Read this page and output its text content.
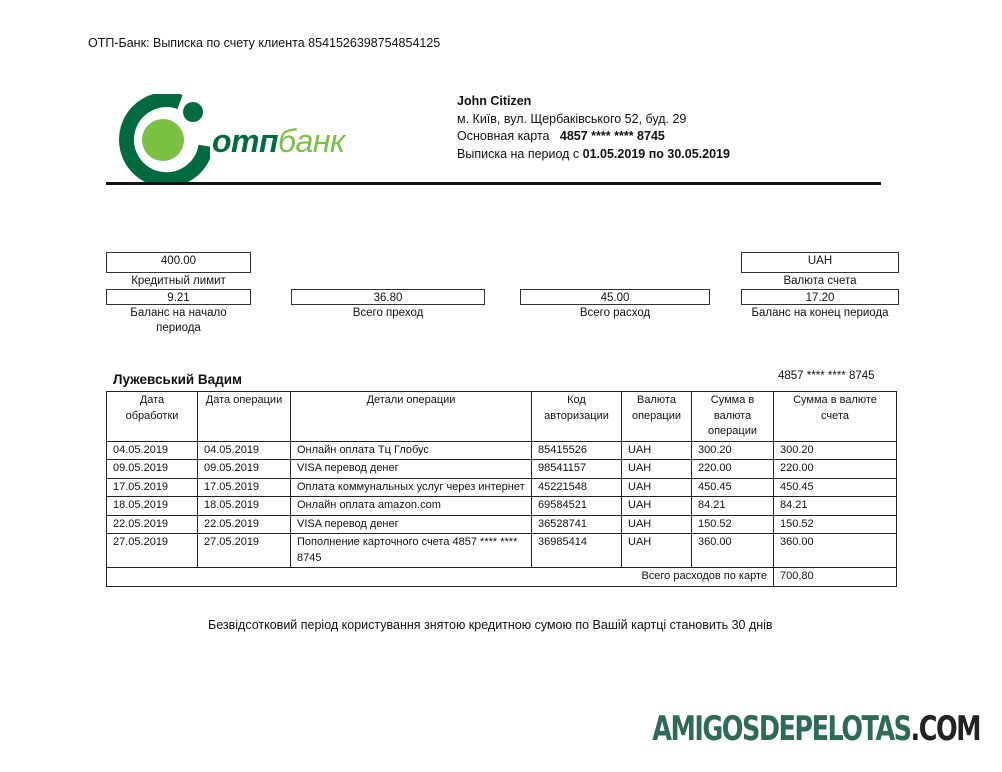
ОТП-Банк: Выписка по счету клиента 8541526398754854125
отпбанк
John Citizen
м. Київ, вул. Щербаківського 52, буд. 29
Основная карта 4857 **** **** 8745
Выписка на период с 01.05.2019 по 30.05.2019
400.00
Кредитный лимит
UAH
Валюта счета
9.21
Баланс на начало периода
36.80
Всего преход
45.00
Всего расход
17.20
Баланс на конец периода
Лужевський Вадим	4857 **** **** 8745
Дата обработки	Дата операции	Детали операции	Код авторизации	Валюта операции	Сумма в валюта операции	Сумма в валюте счета
04.05.2019	04.05.2019	Онлайн оплата Тц Глобус	85415526	UAH	300.20	300.20
09.05.2019	09.05.2019	VISA перевод денег	98541157	UAH	220.00	220.00
17.05.2019	17.05.2019	Оплата коммунальных услуг через интернет	45221548	UAH	450.45	450.45
18.05.2019	18.05.2019	Онлайн оплата amazon.com	69584521	UAH	84.21	84.21
22.05.2019	22.05.2019	VISA перевод денег	36528741	UAH	150.52	150.52
27.05.2019	27.05.2019	Пополнение карточного счета 4857 **** **** 8745	36985414	UAH	360.00	360.00
Всего расходов по карте						700,80
Безвідсотковий період користування знятою кредитною сумою по Вашій картці становить 30 днів
AMIGOSDEPELOTAS.COM
